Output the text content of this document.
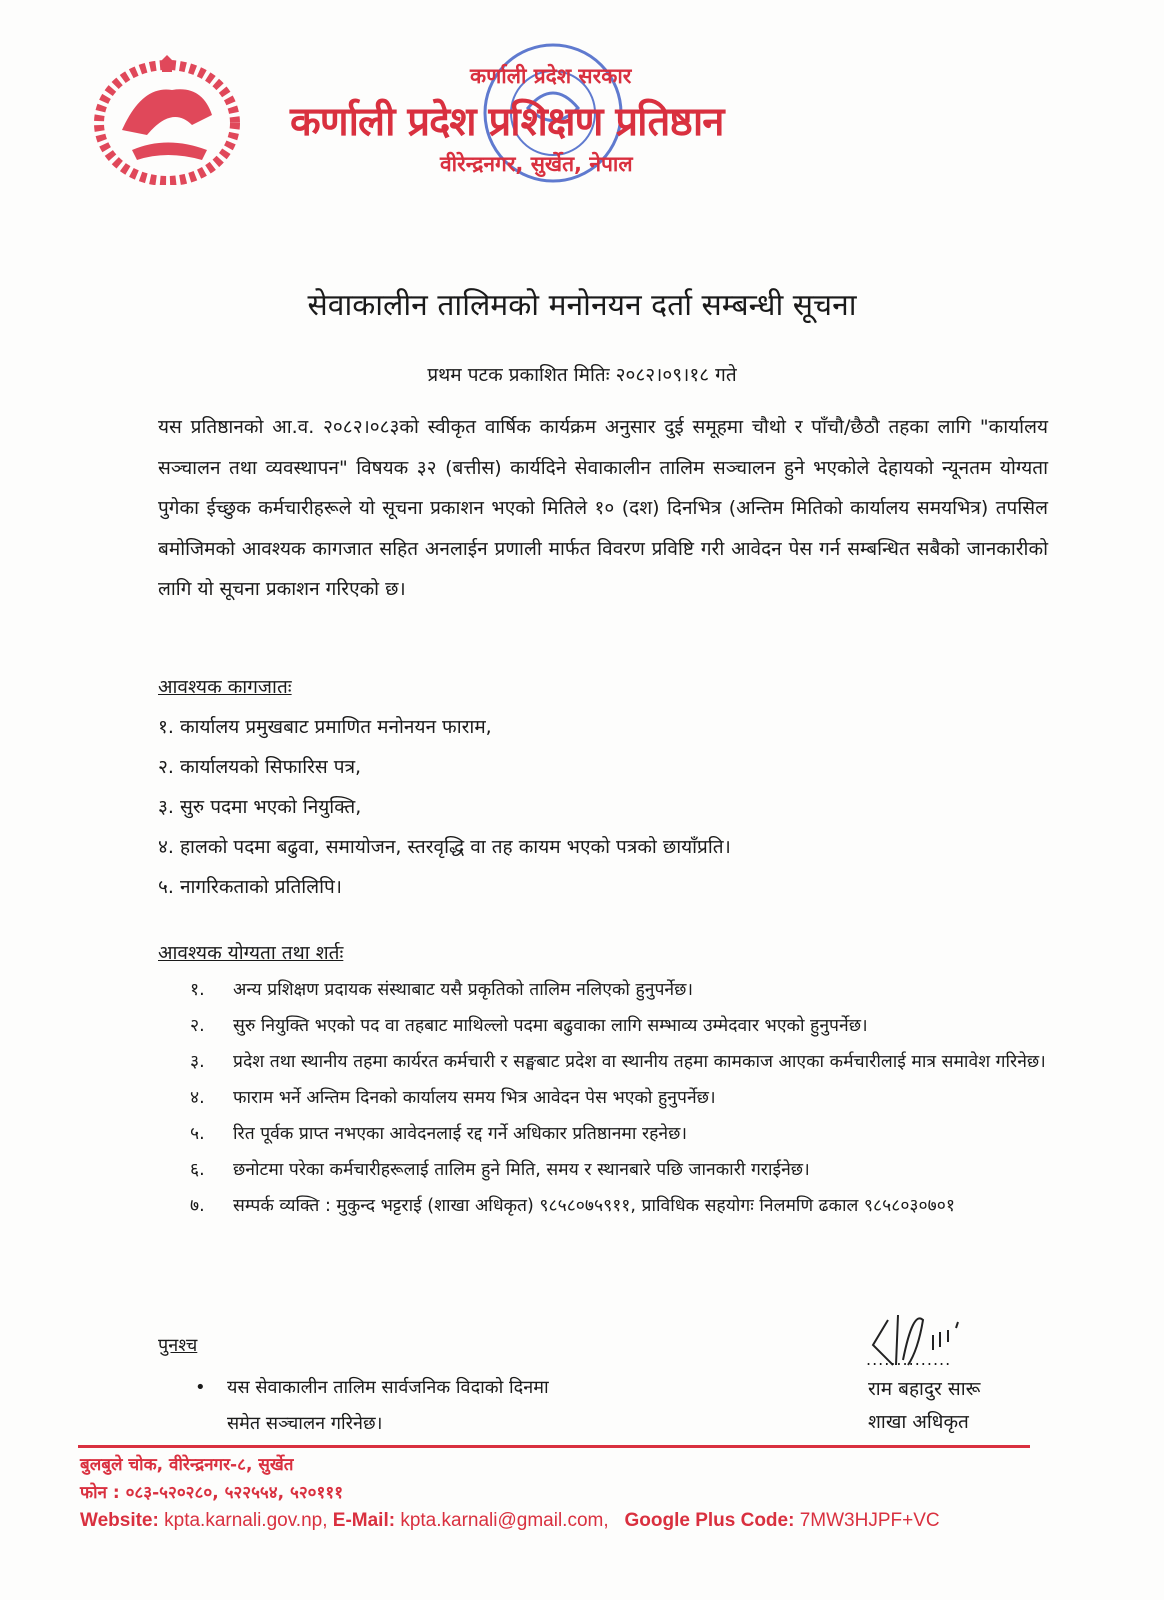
कर्णाली प्रदेश सरकार
कर्णाली प्रदेश प्रशिक्षण प्रतिष्ठान
वीरेन्द्रनगर, सुर्खेत, नेपाल
सेवाकालीन तालिमको मनोनयन दर्ता सम्बन्धी सूचना
प्रथम पटक प्रकाशित मितिः २०८२।०९।१८ गते
यस प्रतिष्ठानको आ.व. २०८२।०८३को स्वीकृत वार्षिक कार्यक्रम अनुसार दुई समूहमा चौथो र पाँचौ/छैठौ तहका लागि "कार्यालय सञ्चालन तथा व्यवस्थापन" विषयक ३२ (बत्तीस) कार्यदिने सेवाकालीन तालिम सञ्चालन हुने भएकोले देहायको न्यूनतम योग्यता पुगेका ईच्छुक कर्मचारीहरूले यो सूचना प्रकाशन भएको मितिले १० (दश) दिनभित्र (अन्तिम मितिको कार्यालय समयभित्र) तपसिल बमोजिमको आवश्यक कागजात सहित अनलाईन प्रणाली मार्फत विवरण प्रविष्टि गरी आवेदन पेस गर्न सम्बन्धित सबैको जानकारीको लागि यो सूचना प्रकाशन गरिएको छ।
आवश्यक कागजातः
१. कार्यालय प्रमुखबाट प्रमाणित मनोनयन फाराम,
२. कार्यालयको सिफारिस पत्र,
३. सुरु पदमा भएको नियुक्ति,
४. हालको पदमा बढुवा, समायोजन, स्तरवृद्धि वा तह कायम भएको पत्रको छायाँप्रति।
५. नागरिकताको प्रतिलिपि।
आवश्यक योग्यता तथा शर्तः
१.	अन्य प्रशिक्षण प्रदायक संस्थाबाट यसै प्रकृतिको तालिम नलिएको हुनुपर्नेछ।
२.	सुरु नियुक्ति भएको पद वा तहबाट माथिल्लो पदमा बढुवाका लागि सम्भाव्य उम्मेदवार भएको हुनुपर्नेछ।
३.	प्रदेश तथा स्थानीय तहमा कार्यरत कर्मचारी र सङ्घबाट प्रदेश वा स्थानीय तहमा कामकाज आएका कर्मचारीलाई मात्र समावेश गरिनेछ।
४.	फाराम भर्ने अन्तिम दिनको कार्यालय समय भित्र आवेदन पेस भएको हुनुपर्नेछ।
५.	रित पूर्वक प्राप्त नभएका आवेदनलाई रद्द गर्ने अधिकार प्रतिष्ठानमा रहनेछ।
६.	छनोटमा परेका कर्मचारीहरूलाई तालिम हुने मिति, समय र स्थानबारे पछि जानकारी गराईनेछ।
७.	सम्पर्क व्यक्ति : मुकुन्द भट्टराई (शाखा अधिकृत) ९८५८०७५९११, प्राविधिक सहयोगः निलमणि ढकाल ९८५८०३०७०१
पुनश्च
• यस सेवाकालीन तालिम सार्वजनिक विदाको दिनमा समेत सञ्चालन गरिनेछ।
..............
राम बहादुर सारू
शाखा अधिकृत
बुलबुले चोक, वीरेन्द्रनगर-८, सुर्खेत
फोन : ०८३-५२०२८०, ५२२५५४, ५२०१११
Website: kpta.karnali.gov.np, E-Mail: kpta.karnali@gmail.com, Google Plus Code: 7MW3HJPF+VC
